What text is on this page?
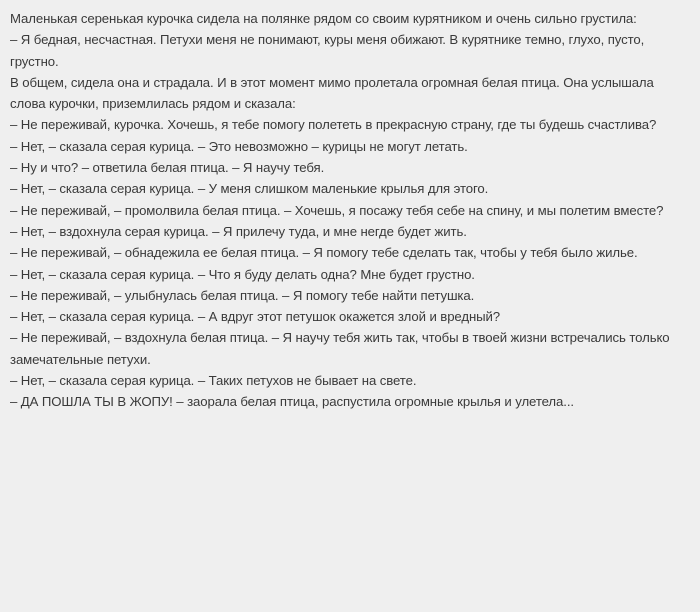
Маленькая серенькая курочка сидела на полянке рядом со своим курятником и очень сильно грустила:

– Я бедная, несчастная. Петухи меня не понимают, куры меня обижают. В курятнике темно, глухо, пусто, грустно.

В общем, сидела она и страдала. И в этот момент мимо пролетала огромная белая птица. Она услышала слова курочки, приземлилась рядом и сказала:

– Не переживай, курочка. Хочешь, я тебе помогу полететь в прекрасную страну, где ты будешь счастлива?

– Нет, – сказала серая курица. – Это невозможно – курицы не могут летать.

– Ну и что? – ответила белая птица. – Я научу тебя.

– Нет, – сказала серая курица. – У меня слишком маленькие крылья для этого.

– Не переживай, – промолвила белая птица. – Хочешь, я посажу тебя себе на спину, и мы полетим вместе?

– Нет, – вздохнула серая курица. – Я прилечу туда, и мне негде будет жить.

– Не переживай, – обнадежила ее белая птица. – Я помогу тебе сделать так, чтобы у тебя было жилье.

– Нет, – сказала серая курица. – Что я буду делать одна? Мне будет грустно.

– Не переживай, – улыбнулась белая птица. – Я помогу тебе найти петушка.

– Нет, – сказала серая курица. – А вдруг этот петушок окажется злой и вредный?

– Не переживай, – вздохнула белая птица. – Я научу тебя жить так, чтобы в твоей жизни встречались только замечательные петухи.

– Нет, – сказала серая курица. – Таких петухов не бывает на свете.

– ДА ПОШЛА ТЫ В ЖОПУ! – заорала белая птица, распустила огромные крылья и улетела...
